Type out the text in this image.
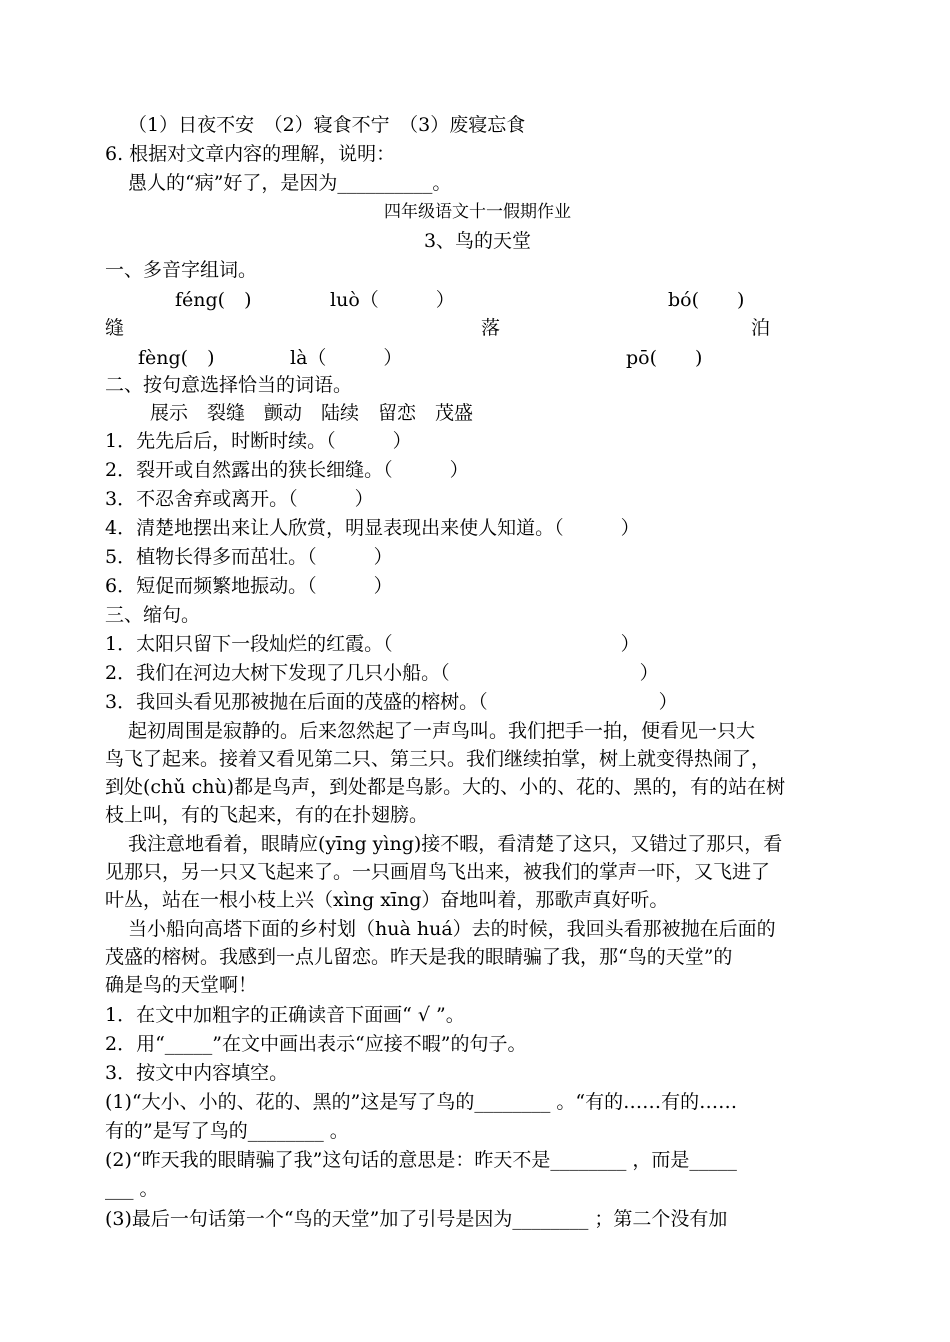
（1）日夜不安　（2）寝食不宁　（3）废寝忘食
6. 根据对文章内容的理解，说明：
愚人的“病”好了，是因为__________。
四年级语文十一假期作业
3、鸟的天堂
一、多音字组词。
féng(　)	luò（　　　）	bó(　　)
缝	落	泊
fèng(　)	là（　　　）	pō(　　)
二、按句意选择恰当的词语。
展示　裂缝　颤动　陆续　留恋　茂盛
1．先先后后，时断时续。（　　　）
2．裂开或自然露出的狭长细缝。（　　　）
3．不忍舍弃或离开。（　　　）
4．清楚地摆出来让人欣赏，明显表现出来使人知道。（　　　）
5．植物长得多而茁壮。（　　　）
6．短促而频繁地振动。（　　　）
三、缩句。
1．太阳只留下一段灿烂的红霞。（　　　　　　　　　　　　）
2．我们在河边大树下发现了几只小船。（　　　　　　　　　　）
3．我回头看见那被抛在后面的茂盛的榕树。（　　　　　　　　　）
起初周围是寂静的。后来忽然起了一声鸟叫。我们把手一拍，便看见一只大
鸟飞了起来。接着又看见第二只、第三只。我们继续拍掌，树上就变得热闹了，
到处(chǔ chù)都是鸟声，到处都是鸟影。大的、小的、花的、黑的，有的站在树
枝上叫，有的飞起来，有的在扑翅膀。
我注意地看着，眼睛应(yīng yìng)接不暇，看清楚了这只，又错过了那只，看
见那只，另一只又飞起来了。一只画眉鸟飞出来，被我们的掌声一吓，又飞进了
叶丛，站在一根小枝上兴（xìng xīng）奋地叫着，那歌声真好听。
当小船向高塔下面的乡村划（huà huá）去的时候，我回头看那被抛在后面的
茂盛的榕树。我感到一点儿留恋。昨天是我的眼睛骗了我，那“鸟的天堂”的
确是鸟的天堂啊！
1．在文中加粗字的正确读音下面画“ √ ”。
2．用“_____”在文中画出表示“应接不暇”的句子。
3．按文中内容填空。
(1)“大小、小的、花的、黑的”这是写了鸟的________ 。“有的……有的……
有的”是写了鸟的________ 。
(2)“昨天我的眼睛骗了我”这句话的意思是：昨天不是________ ，而是_____
___ 。
(3)最后一句话第一个“鸟的天堂”加了引号是因为________ ；第二个没有加
